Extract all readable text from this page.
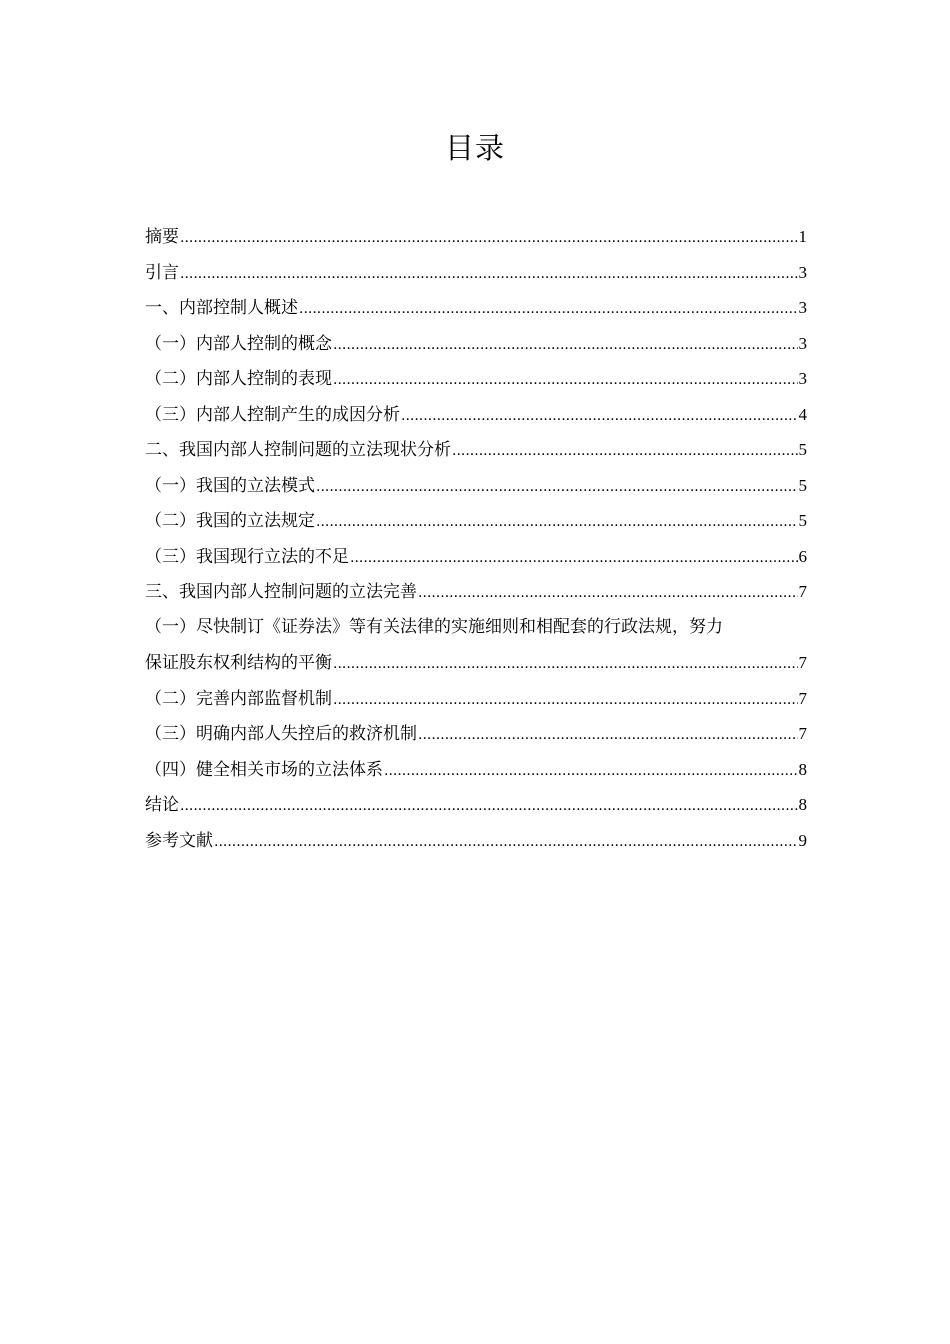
目录
摘要 .....	1
引言 .....	3
一、内部控制人概述 .....	3
（一）内部人控制的概念 .....	3
（二）内部人控制的表现 .....	3
（三）内部人控制产生的成因分析 .....	4
二、我国内部人控制问题的立法现状分析 .....	5
（一）我国的立法模式 .....	5
（二）我国的立法规定 .....	5
（三）我国现行立法的不足 .....	6
三、我国内部人控制问题的立法完善 .....	7
（一）尽快制订《证券法》等有关法律的实施细则和相配套的行政法规，努力
保证股东权利结构的平衡 .....	7
（二）完善内部监督机制 .....	7
（三）明确内部人失控后的救济机制 .....	7
（四）健全相关市场的立法体系 .....	8
结论 .....	8
参考文献 .....	9
